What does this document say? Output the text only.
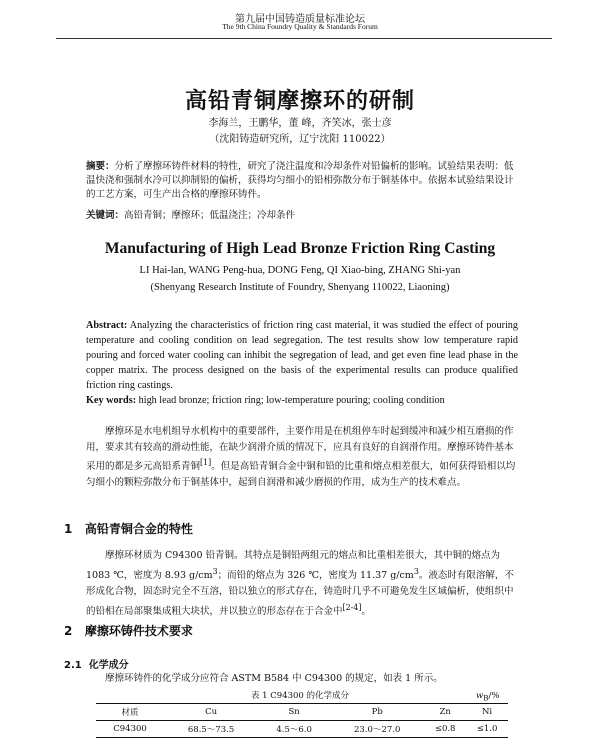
第九届中国铸造质量标准论坛
The 9th China Foundry Quality & Standards Forum
高铅青铜摩擦环的研制
李海兰，王鹏华，董 峰，齐笑冰，张士彦
（沈阳铸造研究所，辽宁沈阳 110022）
摘要：分析了摩擦环铸件材料的特性，研究了浇注温度和冷却条件对铅偏析的影响。试验结果表明：低温快浇和强制水冷可以抑制铅的偏析，获得均匀细小的铅相弥散分布于铜基体中。依据本试验结果设计的工艺方案，可生产出合格的摩擦环铸件。
关键词：高铅青铜；摩擦环；低温浇注；冷却条件
Manufacturing of High Lead Bronze Friction Ring Casting
LI Hai-lan, WANG Peng-hua, DONG Feng, QI Xiao-bing, ZHANG Shi-yan
(Shenyang Research Institute of Foundry, Shenyang 110022, Liaoning)
Abstract: Analyzing the characteristics of friction ring cast material, it was studied the effect of pouring temperature and cooling condition on lead segregation. The test results show low temperature rapid pouring and forced water cooling can inhibit the segregation of lead, and get even fine lead phase in the copper matrix. The process designed on the basis of the experimental results can produce qualified friction ring castings.
Key words: high lead bronze; friction ring; low-temperature pouring; cooling condition
摩擦环是水电机组导水机构中的重要部件，主要作用是在机组停车时起到缓冲和减少相互磨损的作用，要求其有较高的滑动性能，在缺少润滑介质的情况下，应具有良好的自润滑作用。摩擦环铸件基本采用的都是多元高铅系青铜[1]。但是高铅青铜合金中铜和铅的比重和熔点相差很大，如何获得铅相以均匀细小的颗粒弥散分布于铜基体中，起到自润滑和减少磨损的作用，成为生产的技术难点。
1 高铅青铜合金的特性
摩擦环材质为 C94300 铅青铜。其特点是铜铅两组元的熔点和比重相差很大，其中铜的熔点为 1083 ℃，密度为 8.93 $g/cm^3$；而铅的熔点为 326 ℃，密度为 11.37 $g/cm^3$。液态时有限溶解，不形成化合物，固态时完全不互溶，铅以独立的形式存在，铸造时几乎不可避免发生区域偏析，使组织中的铅相在局部聚集成粗大块状，并以独立的形态存在于合金中[2-4]。
2 摩擦环铸件技术要求
2.1 化学成分
摩擦环铸件的化学成分应符合 ASTM B584 中 C94300 的规定，如表 1 所示。
表 1 C94300 的化学成分	$w_B/\%$
材质	Cu	Sn	Pb	Zn	Ni
C94300	68.5～73.5	4.5～6.0	23.0～27.0	≤0.8	≤1.0
